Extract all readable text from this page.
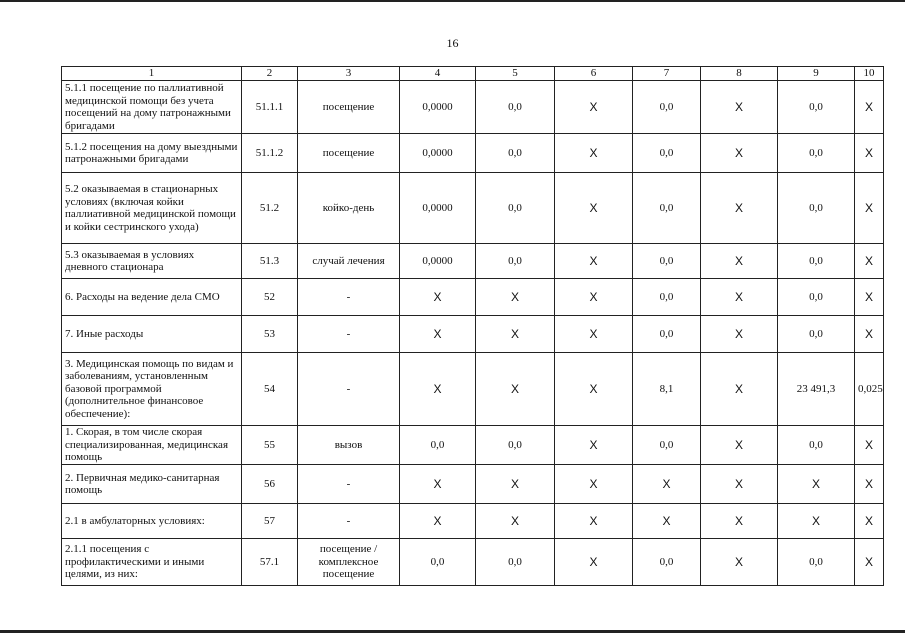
16
1	2	3	4	5	6	7	8	9	10
5.1.1 посещение по паллиативной медицинской помощи без учета посещений на дому патронажными бригадами	51.1.1	посещение	0,0000	0,0	X	0,0	X	0,0	X
5.1.2 посещения на дому выездными патронажными бригадами	51.1.2	посещение	0,0000	0,0	X	0,0	X	0,0	X
5.2 оказываемая в стационарных условиях (включая койки паллиативной медицинской помощи и койки сестринского ухода)	51.2	койко-день	0,0000	0,0	X	0,0	X	0,0	X
5.3 оказываемая в условиях дневного стационара	51.3	случай лечения	0,0000	0,0	X	0,0	X	0,0	X
6. Расходы на ведение дела СМО	52	-	X	X	X	0,0	X	0,0	X
7. Иные расходы	53	-	X	X	X	0,0	X	0,0	X
3. Медицинская помощь по видам и заболеваниям, установленным базовой программой (дополнительное финансовое обеспечение):	54	-	X	X	X	8,1	X	23 491,3	0,025
1. Скорая, в том числе скорая специализированная, медицинская помощь	55	вызов	0,0	0,0	X	0,0	X	0,0	X
2. Первичная медико-санитарная помощь	56	-	X	X	X	X	X	X	X
2.1 в амбулаторных условиях:	57	-	X	X	X	X	X	X	X
2.1.1 посещения с профилактическими и иными целями, из них:	57.1	посещение / комплексное посещение	0,0	0,0	X	0,0	X	0,0	X
